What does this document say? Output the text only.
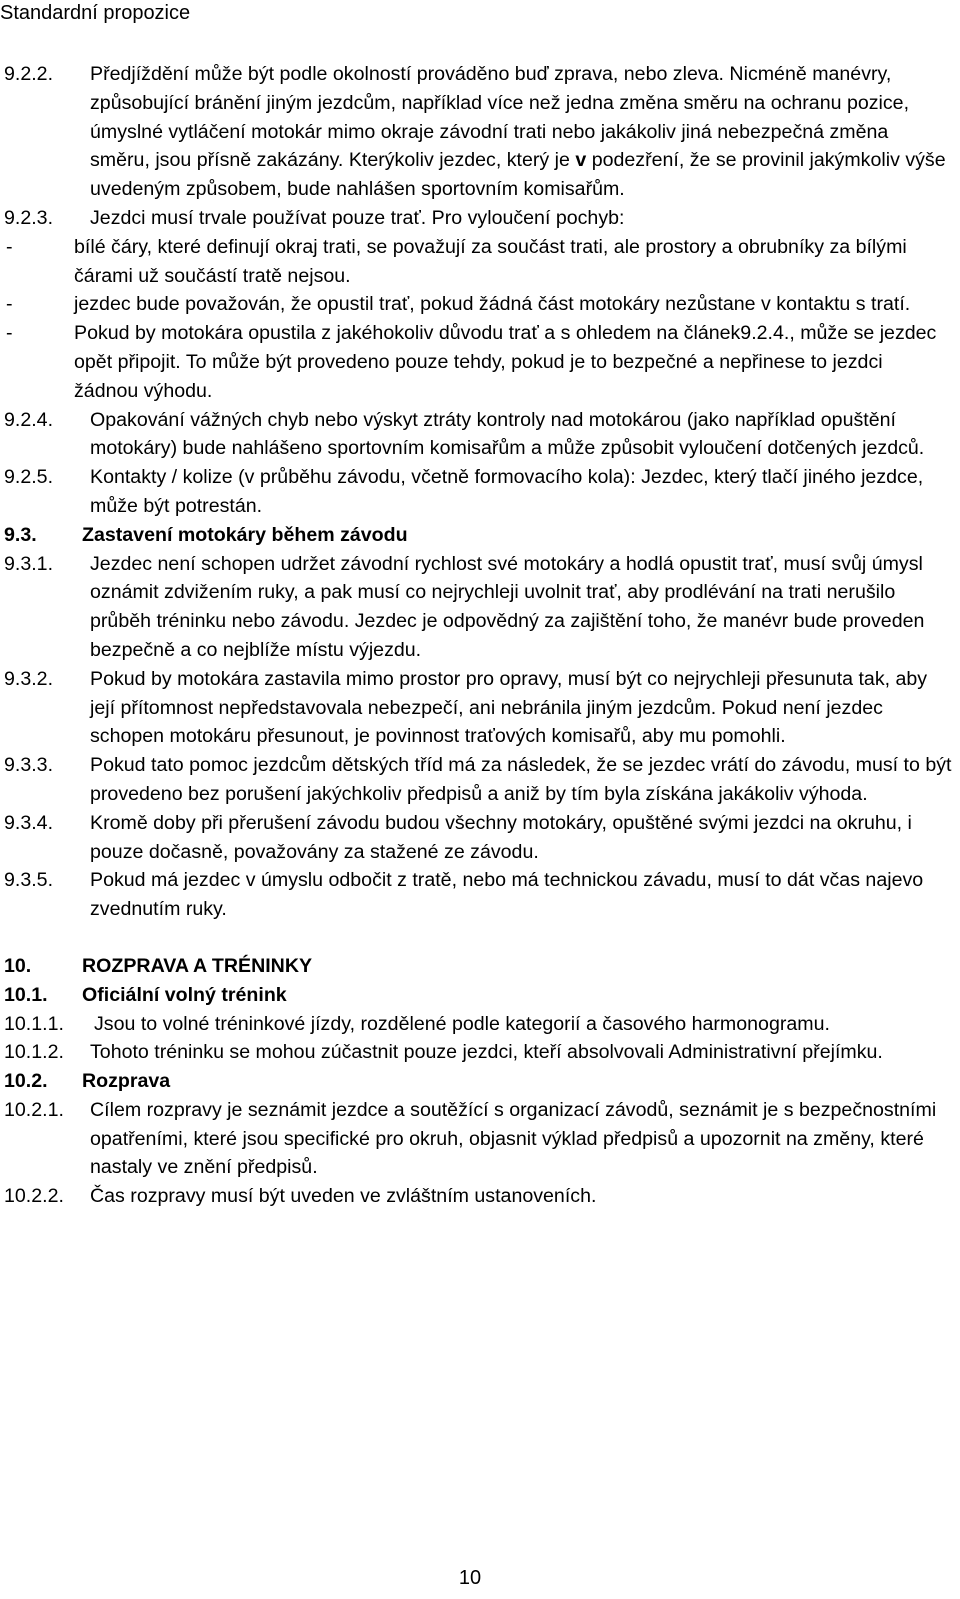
Standardní propozice
9.2.2.	Předjíždění může být podle okolností prováděno buď zprava, nebo zleva. Nicméně manévry, způsobující bránění jiným jezdcům, například více než jedna změna směru na ochranu pozice, úmyslné vytláčení motokár mimo okraje závodní trati nebo jakákoliv jiná nebezpečná změna směru, jsou přísně zakázány. Kterýkoliv jezdec, který je v podezření, že se provinil jakýmkoliv výše uvedeným způsobem, bude nahlášen sportovním komisařům.
9.2.3.	Jezdci musí trvale používat pouze trať. Pro vyloučení pochyb:
-	bílé čáry, které definují okraj trati, se považují za součást trati, ale prostory a obrubníky za bílými čárami už součástí tratě nejsou.
-	jezdec bude považován, že opustil trať, pokud žádná část motokáry nezůstane v kontaktu s tratí.
-	Pokud by motokára opustila z jakéhokoliv důvodu trať a s ohledem na článek9.2.4., může se jezdec opět připojit. To může být provedeno pouze tehdy, pokud je to bezpečné a nepřinese to jezdci žádnou výhodu.
9.2.4.	Opakování vážných chyb nebo výskyt ztráty kontroly nad motokárou (jako například opuštění motokáry) bude nahlášeno sportovním komisařům a může způsobit vyloučení dotčených jezdců.
9.2.5.	Kontakty / kolize (v průběhu závodu, včetně formovacího kola): Jezdec, který tlačí jiného jezdce, může být potrestán.
9.3.	Zastavení motokáry během závodu
9.3.1.	Jezdec není schopen udržet závodní rychlost své motokáry a hodlá opustit trať, musí svůj úmysl oznámit zdvižením ruky, a pak musí co nejrychleji uvolnit trať, aby prodlévání na trati nerušilo průběh tréninku nebo závodu. Jezdec je odpovědný za zajištění toho, že manévr bude proveden bezpečně a co nejblíže místu výjezdu.
9.3.2.	Pokud by motokára zastavila mimo prostor pro opravy, musí být co nejrychleji přesunuta tak, aby její přítomnost nepředstavovala nebezpečí, ani nebránila jiným jezdcům. Pokud není jezdec schopen motokáru přesunout, je povinnost traťových komisařů, aby mu pomohli.
9.3.3.	Pokud tato pomoc jezdcům dětských tříd má za následek, že se jezdec vrátí do závodu, musí to být provedeno bez porušení jakýchkoliv předpisů a aniž by tím byla získána jakákoliv výhoda.
9.3.4.	Kromě doby při přerušení závodu budou všechny motokáry, opuštěné svými jezdci na okruhu, i pouze dočasně, považovány za stažené ze závodu.
9.3.5.	Pokud má jezdec v úmyslu odbočit z tratě, nebo má technickou závadu, musí to dát včas najevo zvednutím ruky.
10.	ROZPRAVA A TRÉNINKY
10.1.	Oficiální volný trénink
10.1.1.	Jsou to volné tréninkové jízdy, rozdělené podle kategorií a časového harmonogramu.
10.1.2.	Tohoto tréninku se mohou zúčastnit pouze jezdci, kteří absolvovali Administrativní přejímku.
10.2.	Rozprava
10.2.1.	Cílem rozpravy je seznámit jezdce a soutěžící s organizací závodů, seznámit je s bezpečnostními opatřeními, které jsou specifické pro okruh, objasnit výklad předpisů a upozornit na změny, které nastaly ve znění předpisů.
10.2.2.	Čas rozpravy musí být uveden ve zvláštním ustanoveních.
10
